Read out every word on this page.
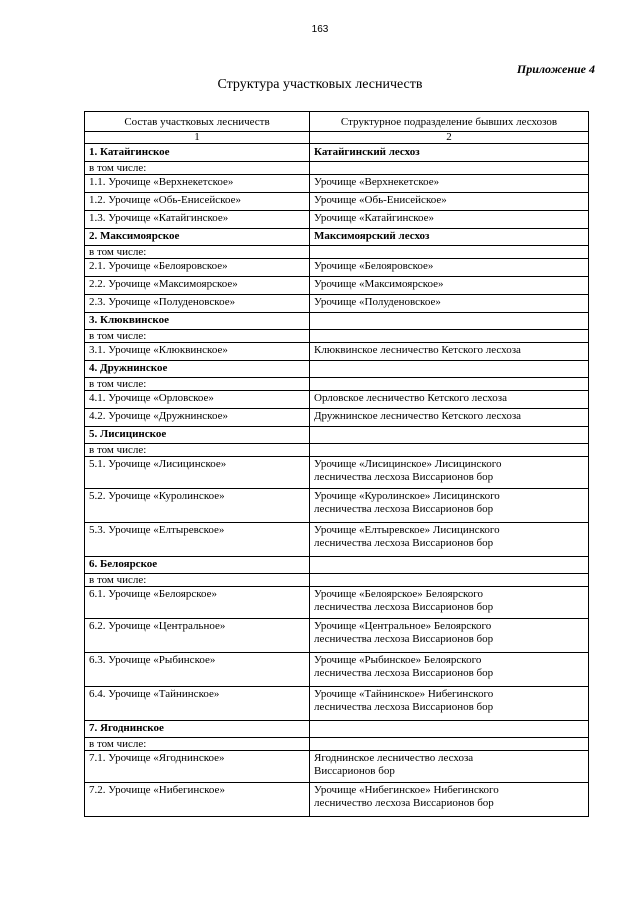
163
Приложение 4
Структура участковых лесничеств
Состав участковых лесничеств	Структурное подразделение бывших лесхозов
1	2
1. Катайгинское	Катайгинский лесхоз
в том числе:	
1.1. Урочище «Верхнекетское»	Урочище «Верхнекетское»

1.2. Урочище «Обь-Енисейское»	Урочище «Обь-Енисейское»

1.3. Урочище «Катайгинское»	Урочище «Катайгинское»

2. Максимоярское	Максимоярский лесхоз
в том числе:	
2.1. Урочище «Белояровское»	Урочище «Белояровское»

2.2. Урочище «Максимоярское»	Урочище «Максимоярское»

2.3. Урочище «Полуденовское»	Урочище «Полуденовское»

3. Клюквинское	
в том числе:	
3.1. Урочище «Клюквинское»	Клюквинское лесничество Кетского лесхоза

4. Дружнинское	
в том числе:	
4.1. Урочище «Орловское»	Орловское лесничество Кетского лесхоза

4.2. Урочище «Дружнинское»	Дружнинское лесничество Кетского лесхоза

5. Лисицинское	
в том числе:	
5.1. Урочище «Лисицинское»	Урочище «Лисицинское» Лисицинского
лесничества лесхоза Виссарионов бор

5.2. Урочище «Куролинское»	Урочище «Куролинское» Лисицинского
лесничества лесхоза Виссарионов бор

5.3. Урочище «Елтыревское»	Урочище «Елтыревское» Лисицинского
лесничества лесхоза Виссарионов бор

6. Белоярское	
в том числе:	
6.1. Урочище «Белоярское»	Урочище «Белоярское» Белоярского
лесничества лесхоза Виссарионов бор

6.2. Урочище «Центральное»	Урочище «Центральное» Белоярского
лесничества лесхоза Виссарионов бор

6.3. Урочище «Рыбинское»	Урочище «Рыбинское» Белоярского
лесничества лесхоза Виссарионов бор

6.4. Урочище «Тайнинское»	Урочище «Тайнинское» Нибегинского
лесничества лесхоза Виссарионов бор

7. Ягоднинское	
в том числе:	
7.1. Урочище «Ягоднинское»	Ягоднинское лесничество лесхоза
Виссарионов бор

7.2. Урочище «Нибегинское»	Урочище «Нибегинское» Нибегинского
лесничество лесхоза Виссарионов бор
